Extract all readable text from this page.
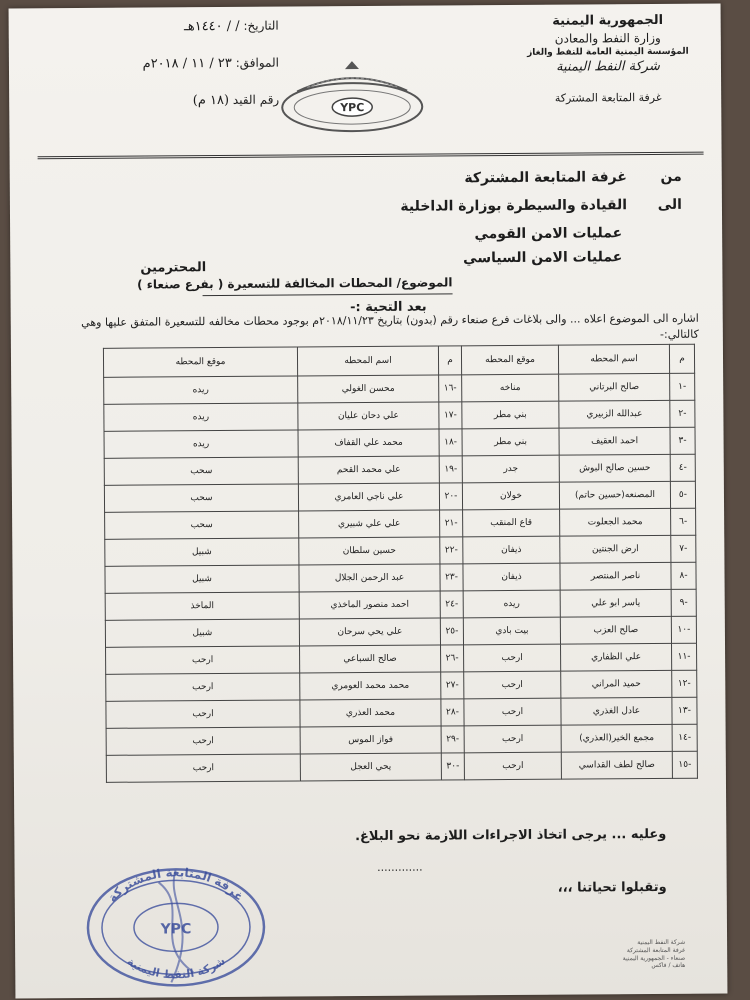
الجمهورية اليمنية
وزارة النفط والمعادن
المؤسسة اليمنية العامة للنفط والغاز
شركة النفط اليمنية
غرفة المتابعة المشتركة
التاريخ: / / ١٤٤٠هـ
الموافق: ٢٣ / ١١ / ٢٠١٨م
رقم القيد (١٨ م)	YPC
من غرفة المتابعة المشتركة
الى القيادة والسيطرة بوزارة الداخلية
عمليات الامن القومي
عمليات الامن السياسي
المحترمين
الموضوع/ المحطات المخالفة للتسعيرة ( بفرع صنعاء )
بعد التحية :-
اشاره الى الموضوع اعلاه ... والى بلاغات فرع صنعاء رقم (بدون) بتاريخ ٢٠١٨/١١/٢٣م بوجود محطات مخالفه للتسعيرة المتفق عليها وهي كالتالي:-
م	اسم المحطه	موقع المحطه	م	اسم المحطه	موقع المحطه
-١	صالح البرتاني	مناخه	-١٦	محسن الغولي	ريده
-٢	عبدالله الزبيري	بني مطر	-١٧	علي دحان عليان	ريده
-٣	احمد العقيف	بني مطر	-١٨	محمد علي القفاف	ريده
-٤	حسين صالح البوش	جدر	-١٩	علي محمد القحم	سحب
-٥	المصنعه(حسين حاتم)	خولان	-٢٠	علي ناجي العامري	سحب
-٦	محمد الجعلوت	قاع المنقب	-٢١	علي علي شبيري	سحب
-٧	ارض الجنتين	ذيفان	-٢٢	حسين سلطان	شبيل
-٨	ناصر المنتصر	ذيفان	-٢٣	عبد الرحمن الجلال	شبيل
-٩	ياسر ابو علي	ريده	-٢٤	احمد منصور الماخذي	الماخذ
-١٠	صالح العزب	بيت بادي	-٢٥	علي يحي سرحان	شبيل
-١١	علي الظفاري	ارحب	-٢٦	صالح السباعي	ارحب
-١٢	حميد المراني	ارحب	-٢٧	محمد محمد العومري	ارحب
-١٣	عادل الغذري	ارحب	-٢٨	محمد العذري	ارحب
-١٤	مجمع الخير(العذري)	ارحب	-٢٩	فواز الموس	ارحب
-١٥	صالح لطف القداسي	ارحب	-٣٠	يحي العجل	ارحب
وعليه ... يرجى اتخاذ الاجراءات اللازمة نحو البلاغ.
.............
وتقبلوا تحياتنا ،،،
غرفة المتابعة المشتركة
شركة النفط اليمنية
YPC
شركة النفط اليمنية
غرفة المتابعة المشتركة
صنعاء - الجمهورية اليمنية
هاتف / فاكس
